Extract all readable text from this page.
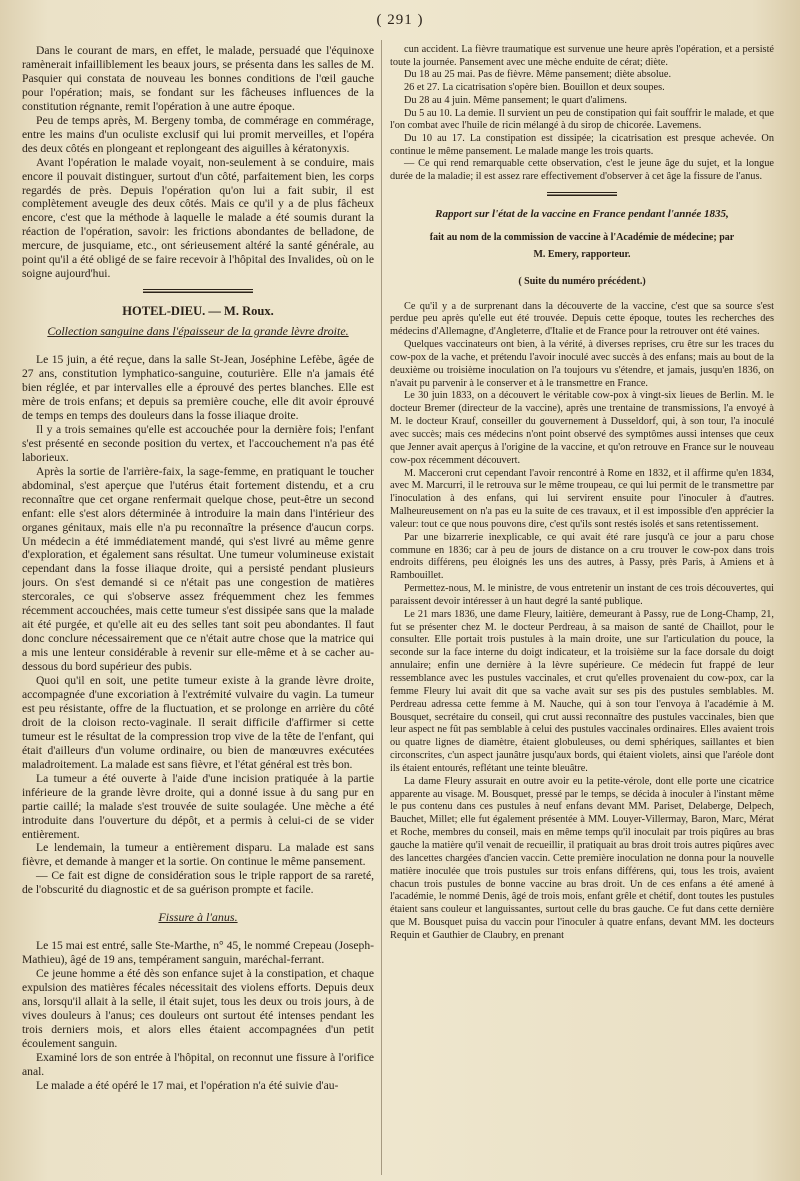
( 291 )

Dans le courant de mars, en effet, le malade, persuadé que l'équinoxe ramènerait infailliblement les beaux jours, se présenta dans les salles de M. Pasquier qui constata de nouveau les bonnes conditions de l'œil gauche pour l'opération; mais, se fondant sur les fâcheuses influences de la constitution régnante, remit l'opération à une autre époque.

Peu de temps après, M. Bergeny tomba, de commérage en commérage, entre les mains d'un oculiste exclusif qui lui promit merveilles, et l'opéra des deux côtés en plongeant et replongeant des aiguilles à kératonyxis.

Avant l'opération le malade voyait, non-seulement à se conduire, mais encore il pouvait distinguer, surtout d'un côté, parfaitement bien, les corps regardés de près. Depuis l'opération qu'on lui a fait subir, il est complètement aveugle des deux côtés. Mais ce qu'il y a de plus fâcheux encore, c'est que la méthode à laquelle le malade a été soumis durant la réaction de l'opération, savoir: les frictions abondantes de belladone, de mercure, de jusquiame, etc., ont sérieusement altéré la santé générale, au point qu'il a été obligé de se faire recevoir à l'hôpital des Invalides, où on le soigne aujourd'hui.

HOTEL-DIEU. — M. Roux.

Collection sanguine dans l'épaisseur de la grande lèvre droite.

Le 15 juin, a été reçue, dans la salle St-Jean, Joséphine Lefèbe, âgée de 27 ans, constitution lymphatico-sanguine, couturière. Elle n'a jamais été bien réglée, et par intervalles elle a éprouvé des pertes blanches. Elle est mère de trois enfans; et depuis sa première couche, elle dit avoir éprouvé de temps en temps des douleurs dans la fosse iliaque droite.

Il y a trois semaines qu'elle est accouchée pour la dernière fois; l'enfant s'est présenté en seconde position du vertex, et l'accouchement n'a pas été laborieux.

Après la sortie de l'arrière-faix, la sage-femme, en pratiquant le toucher abdominal, s'est aperçue que l'utérus était fortement distendu, et a cru reconnaître que cet organe renfermait quelque chose, peut-être un second enfant: elle s'est alors déterminée à introduire la main dans l'intérieur des organes génitaux, mais elle n'a pu reconnaître la présence d'aucun corps. Un médecin a été immédiatement mandé, qui s'est livré au même genre d'exploration, et également sans résultat. Une tumeur volumineuse existait cependant dans la fosse iliaque droite, qui a persisté pendant plusieurs jours. On s'est demandé si ce n'était pas une congestion de matières stercorales, ce qui s'observe assez fréquemment chez les femmes récemment accouchées, mais cette tumeur s'est dissipée sans que la malade ait été purgée, et qu'elle ait eu des selles tant soit peu abondantes. Il faut donc conclure nécessairement que ce n'était autre chose que la matrice qui a mis une lenteur considérable à revenir sur elle-même et à se cacher au-dessous du bord supérieur des pubis.

Quoi qu'il en soit, une petite tumeur existe à la grande lèvre droite, accompagnée d'une excoriation à l'extrémité vulvaire du vagin. La tumeur est peu résistante, offre de la fluctuation, et se prolonge en arrière du côté droit de la cloison recto-vaginale. Il serait difficile d'affirmer si cette tumeur est le résultat de la compression trop vive de la tête de l'enfant, qui était d'ailleurs d'un volume ordinaire, ou bien de manœuvres exécutées maladroitement. La malade est sans fièvre, et l'état général est très bon.

La tumeur a été ouverte à l'aide d'une incision pratiquée à la partie inférieure de la grande lèvre droite, qui a donné issue à du sang pur en partie caillé; la malade s'est trouvée de suite soulagée. Une mèche a été introduite dans l'ouverture du dépôt, et a permis à celui-ci de se vider entièrement.

Le lendemain, la tumeur a entièrement disparu. La malade est sans fièvre, et demande à manger et la sortie. On continue le même pansement.

— Ce fait est digne de considération sous le triple rapport de sa rareté, de l'obscurité du diagnostic et de sa guérison prompte et facile.

Fissure à l'anus.

Le 15 mai est entré, salle Ste-Marthe, n° 45, le nommé Crepeau (Joseph-Mathieu), âgé de 19 ans, tempérament sanguin, maréchal-ferrant.

Ce jeune homme a été dès son enfance sujet à la constipation, et chaque expulsion des matières fécales nécessitait des violens efforts. Depuis deux ans, lorsqu'il allait à la selle, il était sujet, tous les deux ou trois jours, à de vives douleurs à l'anus; ces douleurs ont surtout été intenses pendant les trois derniers mois, et alors elles étaient accompagnées d'un petit écoulement sanguin.

Examiné lors de son entrée à l'hôpital, on reconnut une fissure à l'orifice anal.

Le malade a été opéré le 17 mai, et l'opération n'a été suivie d'au-

cun accident. La fièvre traumatique est survenue une heure après l'opération, et a persisté toute la journée. Pansement avec une mèche enduite de cérat; diète.

Du 18 au 25 mai. Pas de fièvre. Même pansement; diète absolue.

26 et 27. La cicatrisation s'opère bien. Bouillon et deux soupes.

Du 28 au 4 juin. Même pansement; le quart d'alimens.

Du 5 au 10. La demie. Il survient un peu de constipation qui fait souffrir le malade, et que l'on combat avec l'huile de ricin mélangé à du sirop de chicorée. Lavemens.

Du 10 au 17. La constipation est dissipée; la cicatrisation est presque achevée. On continue le même pansement. Le malade mange les trois quarts.

— Ce qui rend remarquable cette observation, c'est le jeune âge du sujet, et la longue durée de la maladie; il est assez rare effectivement d'observer à cet âge la fissure de l'anus.

Rapport sur l'état de la vaccine en France pendant l'année 1835,

fait au nom de la commission de vaccine à l'Académie de médecine; par

M. Emery, rapporteur.

( Suite du numéro précédent.)

Ce qu'il y a de surprenant dans la découverte de la vaccine, c'est que sa source s'est perdue peu après qu'elle eut été trouvée. Depuis cette époque, toutes les recherches des médecins d'Allemagne, d'Angleterre, d'Italie et de France pour la retrouver ont été vaines.

Quelques vaccinateurs ont bien, à la vérité, à diverses reprises, cru être sur les traces du cow-pox de la vache, et prétendu l'avoir inoculé avec succès à des enfans; mais au bout de la deuxième ou troisième inoculation on l'a toujours vu s'étendre, et jamais, jusqu'en 1836, on n'avait pu parvenir à le conserver et à le transmettre en France.

Le 30 juin 1833, on a découvert le véritable cow-pox à vingt-six lieues de Berlin. M. le docteur Bremer (directeur de la vaccine), après une trentaine de transmissions, l'a envoyé à M. le docteur Krauf, conseiller du gouvernement à Dusseldorf, qui, à son tour, l'a inoculé avec succès; mais ces médecins n'ont point observé des symptômes aussi intenses que ceux que Jenner avait aperçus à l'origine de la vaccine, et qu'on retrouve en France sur le nouveau cow-pox récemment découvert.

M. Macceroni crut cependant l'avoir rencontré à Rome en 1832, et il affirme qu'en 1834, avec M. Marcurri, il le retrouva sur le même troupeau, ce qui lui permit de le transmettre par l'inoculation à des enfans, qui lui servirent ensuite pour l'inoculer à d'autres. Malheureusement on n'a pas eu la suite de ces travaux, et il est impossible d'en apprécier la valeur: tout ce que nous pouvons dire, c'est qu'ils sont restés isolés et sans retentissement.

Par une bizarrerie inexplicable, ce qui avait été rare jusqu'à ce jour a paru chose commune en 1836; car à peu de jours de distance on a cru trouver le cow-pox dans trois endroits différens, peu éloignés les uns des autres, à Passy, près Paris, à Amiens et à Rambouillet.

Permettez-nous, M. le ministre, de vous entretenir un instant de ces trois découvertes, qui paraissent devoir intéresser à un haut degré la santé publique.

Le 21 mars 1836, une dame Fleury, laitière, demeurant à Passy, rue de Long-Champ, 21, fut se présenter chez M. le docteur Perdreau, à sa maison de santé de Chaillot, pour le consulter. Elle portait trois pustules à la main droite, une sur l'articulation du pouce, la seconde sur la face interne du doigt indicateur, et la troisième sur la face dorsale du doigt annulaire; enfin une dernière à la lèvre supérieure. Ce médecin fut frappé de leur ressemblance avec les pustules vaccinales, et crut qu'elles provenaient du cow-pox, car la femme Fleury lui avait dit que sa vache avait sur ses pis des pustules semblables. M. Perdreau adressa cette femme à M. Nauche, qui à son tour l'envoya à l'académie à M. Bousquet, secrétaire du conseil, qui crut aussi reconnaître des pustules vaccinales, bien que leur aspect ne fût pas semblable à celui des pustules vaccinales ordinaires. Elles avaient trois ou quatre lignes de diamètre, étaient globuleuses, ou demi sphériques, saillantes et bien circonscrites, c'un aspect jaunâtre jusqu'aux bords, qui étaient violets, ainsi que l'aréole dont ils étaient entourés, reflétant une teinte bleuâtre.

La dame Fleury assurait en outre avoir eu la petite-vérole, dont elle porte une cicatrice apparente au visage. M. Bousquet, pressé par le temps, se décida à inoculer à l'instant même le pus contenu dans ces pustules à neuf enfans devant MM. Pariset, Delaberge, Delpech, Bauchet, Millet; elle fut également présentée à MM. Louyer-Villermay, Baron, Marc, Mérat et Roche, membres du conseil, mais en même temps qu'il inoculait par trois piqûres au bras gauche la matière qu'il venait de recueillir, il pratiquait au bras droit trois autres piqûres avec des lancettes chargées d'ancien vaccin. Cette première inoculation ne donna pour la nouvelle matière inoculée que trois pustules sur trois enfans différens, qui, tous les trois, avaient chacun trois pustules de bonne vaccine au bras droit. Un de ces enfans a été amené à l'académie, le nommé Denis, âgé de trois mois, enfant grêle et chétif, dont toutes les pustules étaient sans couleur et languissantes, surtout celle du bras gauche. Ce fut dans cette dernière que M. Bousquet puisa du vaccin pour l'inoculer à quatre enfans, devant MM. les docteurs Requin et Gauthier de Claubry, en prenant
